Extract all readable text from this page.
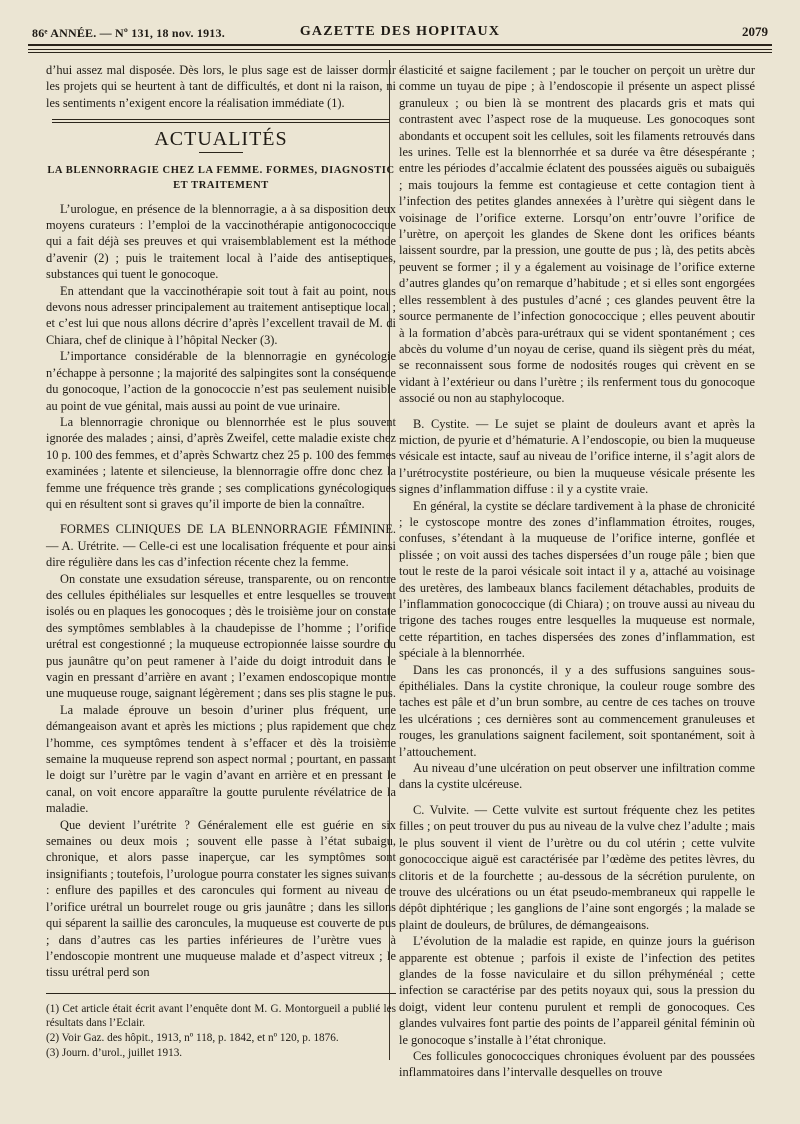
86ᵉ ANNÉE. — Nº 131, 18 nov. 1913.	GAZETTE DES HOPITAUX	2079

d’hui assez mal disposée. Dès lors, le plus sage est de laisser dormir les projets qui se heurtent à tant de difficultés, et dont ni la raison, ni les sentiments n’exigent encore la réalisation immédiate (1).

ACTUALITÉS
LA BLENNORRAGIE CHEZ LA FEMME. FORMES, DIAGNOSTIC ET TRAITEMENT

L’urologue, en présence de la blennorragie, a à sa disposition deux moyens curateurs : l’emploi de la vaccinothérapie antigonococcique qui a fait déjà ses preuves et qui vraisemblablement est la méthode d’avenir (2) ; puis le traitement local à l’aide des antiseptiques, substances qui tuent le gonocoque.

En attendant que la vaccinothérapie soit tout à fait au point, nous devons nous adresser principalement au traitement antiseptique local ; et c’est lui que nous allons décrire d’après l’excellent travail de M. di Chiara, chef de clinique à l’hôpital Necker (3).

L’importance considérable de la blennorragie en gynécologie n’échappe à personne ; la majorité des salpingites sont la conséquence du gonocoque, l’action de la gonococcie n’est pas seulement nuisible au point de vue génital, mais aussi au point de vue urinaire.

La blennorragie chronique ou blennorrhée est le plus souvent ignorée des malades ; ainsi, d’après Zweifel, cette maladie existe chez 10 p. 100 des femmes, et d’après Schwartz chez 25 p. 100 des femmes examinées ; latente et silencieuse, la blennorragie offre donc chez la femme une fréquence très grande ; ses complications gynécologiques qui en résultent sont si graves qu’il importe de bien la connaître.

FORMES CLINIQUES DE LA BLENNORRAGIE FÉMININE. — A. Urétrite. — Celle-ci est une localisation fréquente et pour ainsi dire régulière dans les cas d’infection récente chez la femme.

On constate une exsudation séreuse, transparente, ou on rencontre des cellules épithéliales sur lesquelles et entre lesquelles se trouvent isolés ou en plaques les gonocoques ; dès le troisième jour on constate des symptômes semblables à la chaudepisse de l’homme ; l’orifice urétral est congestionné ; la muqueuse ectropionnée laisse sourdre du pus jaunâtre qu’on peut ramener à l’aide du doigt introduit dans le vagin en pressant d’arrière en avant ; l’examen endoscopique montre une muqueuse rouge, saignant légèrement ; dans ses plis stagne le pus.

La malade éprouve un besoin d’uriner plus fréquent, une démangeaison avant et après les mictions ; plus rapidement que chez l’homme, ces symptômes tendent à s’effacer et dès la troisième semaine la muqueuse reprend son aspect normal ; pourtant, en passant le doigt sur l’urètre par le vagin d’avant en arrière et en pressant le canal, on voit encore apparaître la goutte purulente révélatrice de la maladie.

Que devient l’urétrite ? Généralement elle est guérie en six semaines ou deux mois ; souvent elle passe à l’état subaigu, chronique, et alors passe inaperçue, car les symptômes sont insignifiants ; toutefois, l’urologue pourra constater les signes suivants : enflure des papilles et des caroncules qui forment au niveau de l’orifice urétral un bourrelet rouge ou gris jaunâtre ; dans les sillons qui séparent la saillie des caroncules, la muqueuse est couverte de pus ; dans d’autres cas les parties inférieures de l’urètre vues à l’endoscopie montrent une muqueuse malade et d’aspect vitreux ; le tissu urétral perd son

(1) Cet article était écrit avant l’enquête dont M. G. Montorgueil a publié les résultats dans l’Eclair.
(2) Voir Gaz. des hôpit., 1913, nº 118, p. 1842, et nº 120, p. 1876.
(3) Journ. d’urol., juillet 1913.

élasticité et saigne facilement ; par le toucher on perçoit un urètre dur comme un tuyau de pipe ; à l’endoscopie il présente un aspect plissé granuleux ; ou bien là se montrent des placards gris et mats qui contrastent avec l’aspect rose de la muqueuse. Les gonocoques sont abondants et occupent soit les cellules, soit les filaments retrouvés dans les urines. Telle est la blennorrhée et sa durée va être désespérante ; entre les périodes d’accalmie éclatent des poussées aiguës ou subaiguës ; mais toujours la femme est contagieuse et cette contagion tient à l’infection des petites glandes annexées à l’urètre qui siègent dans le voisinage de l’orifice externe. Lorsqu’on entr’ouvre l’orifice de l’urètre, on aperçoit les glandes de Skene dont les orifices béants laissent sourdre, par la pression, une goutte de pus ; là, des petits abcès peuvent se former ; il y a également au voisinage de l’orifice externe d’autres glandes qu’on remarque d’habitude ; et si elles sont engorgées elles ressemblent à des pustules d’acné ; ces glandes peuvent être la source permanente de l’infection gonococcique ; elles peuvent aboutir à la formation d’abcès para-urétraux qui se vident spontanément ; ces abcès du volume d’un noyau de cerise, quand ils siègent près du méat, se reconnaissent sous forme de nodosités rouges qui crèvent en se vidant à l’extérieur ou dans l’urètre ; ils renferment tous du gonocoque associé ou non au staphylocoque.

B. Cystite. — Le sujet se plaint de douleurs avant et après la miction, de pyurie et d’hématurie. A l’endoscopie, ou bien la muqueuse vésicale est intacte, sauf au niveau de l’orifice interne, il s’agit alors de l’urétrocystite postérieure, ou bien la muqueuse vésicale présente les signes d’inflammation diffuse : il y a cystite vraie.

En général, la cystite se déclare tardivement à la phase de chronicité ; le cystoscope montre des zones d’inflammation étroites, rouges, confuses, s’étendant à la muqueuse de l’orifice interne, gonflée et plissée ; on voit aussi des taches dispersées d’un rouge pâle ; bien que tout le reste de la paroi vésicale soit intact il y a, attaché au voisinage des uretères, des lambeaux blancs facilement détachables, produits de l’inflammation gonococcique (di Chiara) ; on trouve aussi au niveau du trigone des taches rouges entre lesquelles la muqueuse est normale, cette répartition, en taches dispersées des zones d’inflammation, est spéciale à la blennorrhée.

Dans les cas prononcés, il y a des suffusions sanguines sous-épithéliales. Dans la cystite chronique, la couleur rouge sombre des taches est pâle et d’un brun sombre, au centre de ces taches on trouve les ulcérations ; ces dernières sont au commencement granuleuses et rouges, les granulations saignent facilement, soit spontanément, soit à l’attouchement.

Au niveau d’une ulcération on peut observer une infiltration comme dans la cystite ulcéreuse.

C. Vulvite. — Cette vulvite est surtout fréquente chez les petites filles ; on peut trouver du pus au niveau de la vulve chez l’adulte ; mais le plus souvent il vient de l’urètre ou du col utérin ; cette vulvite gonococcique aiguë est caractérisée par l’œdème des petites lèvres, du clitoris et de la fourchette ; au-dessous de la sécrétion purulente, on trouve des ulcérations ou un état pseudo-membraneux qui rappelle le dépôt diphtérique ; les ganglions de l’aine sont engorgés ; la malade se plaint de douleurs, de brûlures, de démangeaisons.

L’évolution de la maladie est rapide, en quinze jours la guérison apparente est obtenue ; parfois il existe de l’infection des petites glandes de la fosse naviculaire et du sillon préhyménéal ; cette infection se caractérise par des petits noyaux qui, sous la pression du doigt, vident leur contenu purulent et rempli de gonocoques. Ces glandes vulvaires font partie des points de l’appareil génital féminin où le gonocoque s’installe à l’état chronique.

Ces follicules gonococciques chroniques évoluent par des poussées inflammatoires dans l’intervalle desquelles on trouve
